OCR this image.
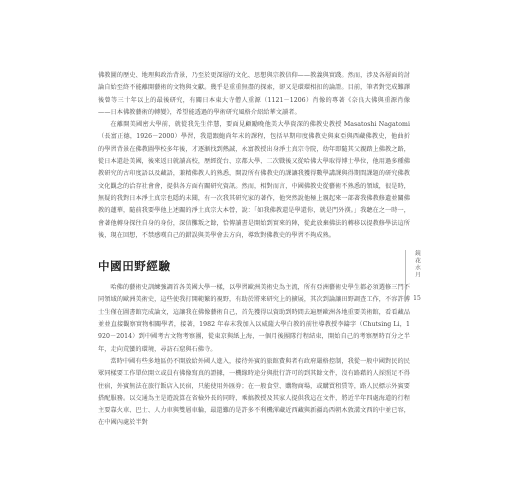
佛教圖的歷史、地理與政治背景，乃至於更深層的文化、思想與宗教信仰——教義與實踐。然而，涉及各層面的討論自始至終不能離開藝術的文物與文獻。幾乎是重重無盡的探索，卻又是環環相扣的論證。目前，筆者對完成難譯後曾等三十年以上的最後研究，有關日本東大寺僧人重源（1121－1206）肖像的專著《奈良大佛與重源肖像——日本佛教藝術的轉變》，希望能透過的學術研究風格介紹給華文讀者。

在離開美國密大學前，就從我先生伴慧，要面見顧勵晚他美大學資深的佛教史教授 Masatoshi Nagatomi（長富正德，1926－2000）學習，我還跟鮑尚年末的課程，包括早期印度佛教史與東亞與西藏佛教史，他曲折的學習背景在佛教圖學校多年後，才逐漸找到熱誠，永富教授出身淨土真宗寺院，幼年即隨其父親踏上佛教之路，從日本還赴美國，後來返日就讀高校，歷經從台、京都大學、二次戰後又從哈佛大學取得博士學位，他用過多種佛教研究的古印度語以及藏語，兼精佛教人的熟悉，開設所有佛教史的課讓我獲得數學講課與得期間課題的研究佛教文化觀念的洽存社會會，提供各方面有關研究資訊。然而，相對而言，中國佛教史從藝術不熟悉的領域，很是時，無疑的我對日本淨土真宗也隱約未聞，有一次我其研究家的著作，他突然說他極上親起來一部著我佛教修遺並關佛教的蓮華，隨前我要學他上述關的淨土真宗大本營，說：「如我佛教還是學還你，就是門外漢。」我聽在之一時一，會著他轉身探往自身的身份，深信攤叛之餘，恰傳讀書是開始到實來的陣，從此放棄佛法的轉移以提教修學法這所後，現在回想，不禁感嘆自己的錯誤與美學會去方向，導致對佛教史的學習不夠成熟。

中國田野經驗

哈佛的藝術史訓練強調首各美國大學一樣，以學習歐洲美術史為主流，所有亞洲藝術史學生都必須選修三門不同領域的歐洲美術史，這些使我打開範繁的視野，有助於將來研究上的擴展，其次到論讓田野調查工作，不容許博士生僅在圖書館完成論文，這讓我在佛像藝術自己，首先獲得以資助到時間去遍歷歐洲各地重要美術館，看看藏品並並直接觀察實物相關學者，接著，1982 年春末我加入以威薩大學白教的前往導教授李鑄字（Chutsing Li，1920－2014）到中國考古文物考察團，從東京與紙上海，一個月後團隊行程結束，開始自己的考察歷時百分之半年，走向荒蠻的環境，尋訪石窟與石佛寺。

當時中國有些多地區仍不開放給外國人進入，接待外賓的旅館費與者有政府嚴格控制，我從一般中國對民的民眾同樣要工作單位開立或員有佛像寫真的證據，一機緣時途分與批行許可的到其餘文件，沒有路藉的人採照足不得住宿，外賓無法在旅行飯店入民宿，只能使用外匯券；在一般食堂、購物商場，或購買租賃等，路人民標示外賓要搭配服務。以交通為主是遊說算在省檢外長的同時，乘搞教授及其家人提供我這在文件，將近半年四處海道的行程主要靠火車、巴士、人力車與雙層車輪，最還難的是許多不利機渾藏近西藏與新疆島西朝木敦溝文西的中並已容，在中國內處於半對

鏡花水月
15
